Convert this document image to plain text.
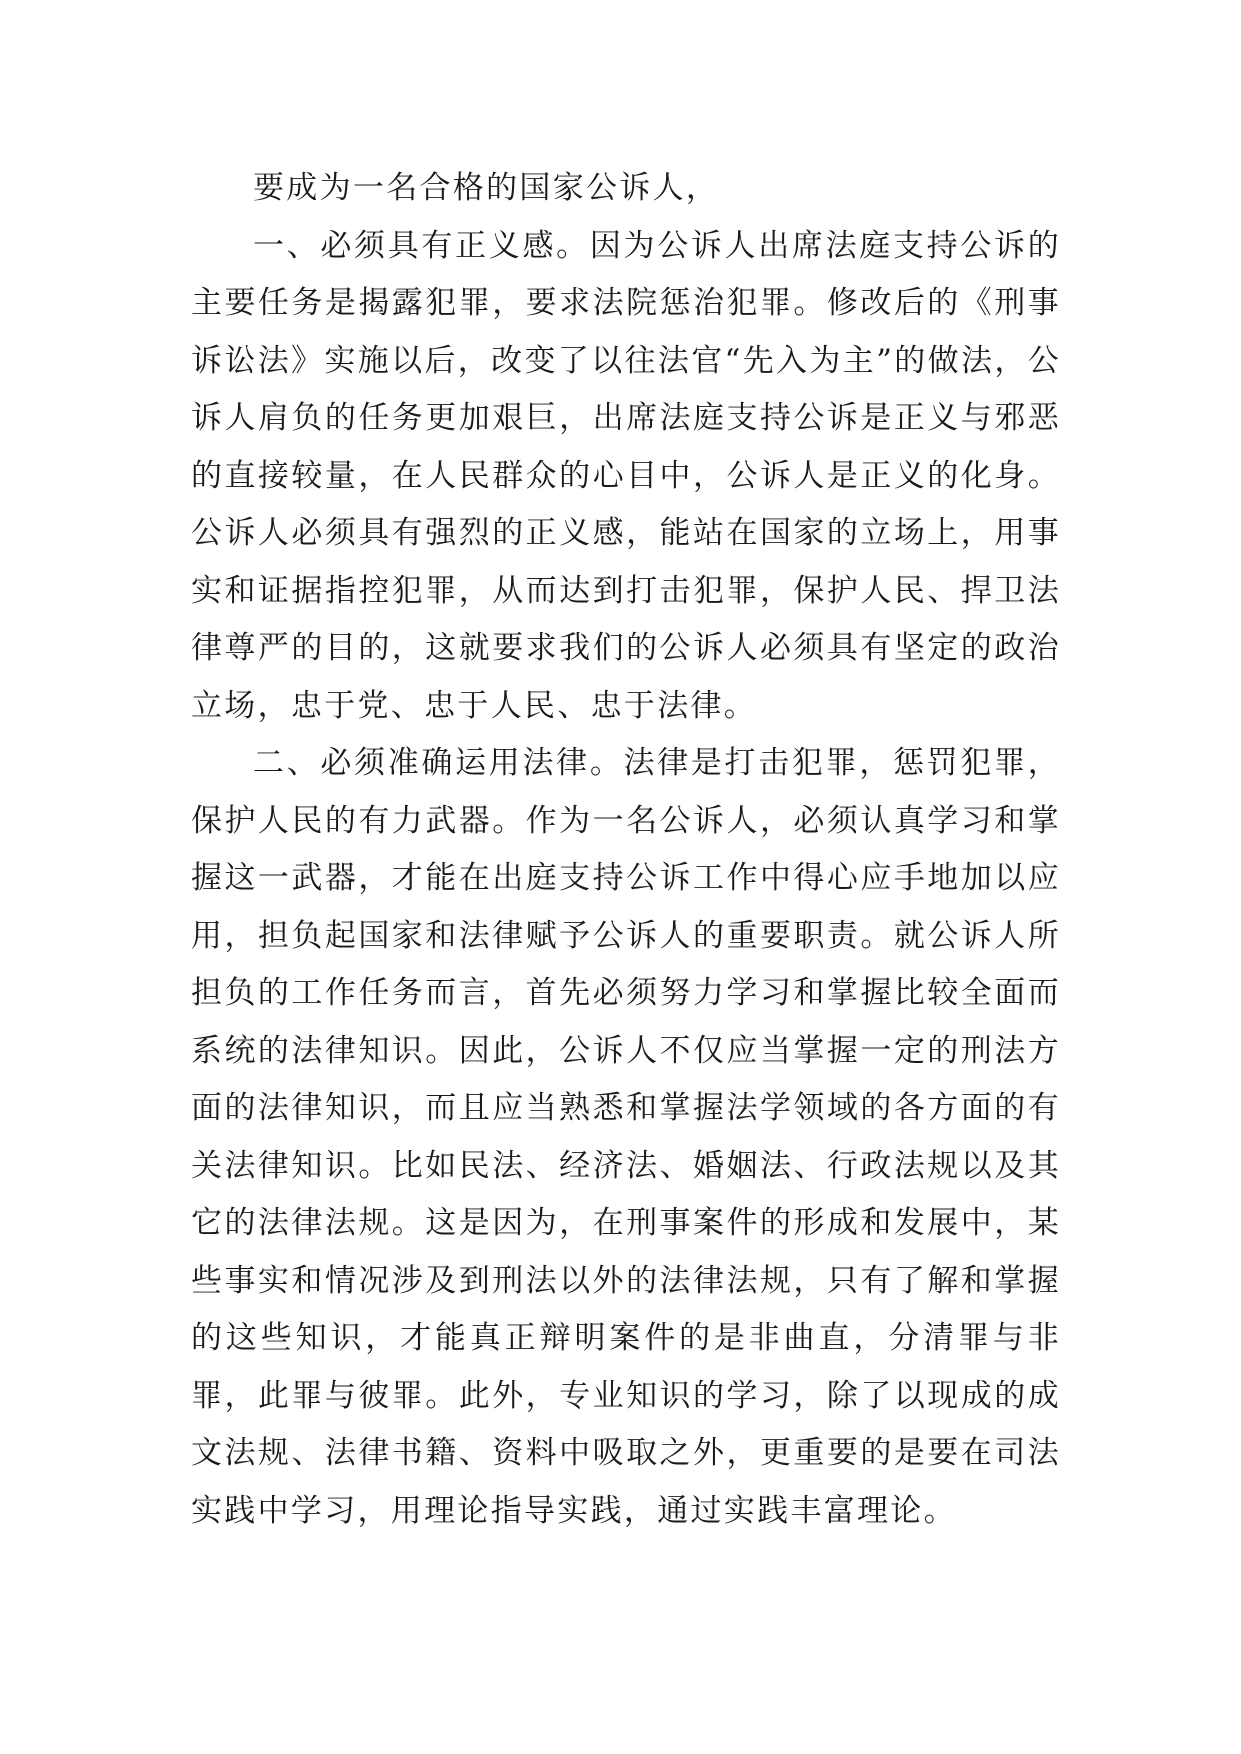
要成为一名合格的国家公诉人，

一、必须具有正义感。因为公诉人出席法庭支持公诉的主要任务是揭露犯罪，要求法院惩治犯罪。修改后的《刑事诉讼法》实施以后，改变了以往法官“先入为主”的做法，公诉人肩负的任务更加艰巨，出席法庭支持公诉是正义与邪恶的直接较量，在人民群众的心目中，公诉人是正义的化身。公诉人必须具有强烈的正义感，能站在国家的立场上，用事实和证据指控犯罪，从而达到打击犯罪，保护人民、捍卫法律尊严的目的，这就要求我们的公诉人必须具有坚定的政治立场，忠于党、忠于人民、忠于法律。

二、必须准确运用法律。法律是打击犯罪，惩罚犯罪，保护人民的有力武器。作为一名公诉人，必须认真学习和掌握这一武器，才能在出庭支持公诉工作中得心应手地加以应用，担负起国家和法律赋予公诉人的重要职责。就公诉人所担负的工作任务而言，首先必须努力学习和掌握比较全面而系统的法律知识。因此，公诉人不仅应当掌握一定的刑法方面的法律知识，而且应当熟悉和掌握法学领域的各方面的有关法律知识。比如民法、经济法、婚姻法、行政法规以及其它的法律法规。这是因为，在刑事案件的形成和发展中，某些事实和情况涉及到刑法以外的法律法规，只有了解和掌握的这些知识，才能真正辩明案件的是非曲直，分清罪与非罪，此罪与彼罪。此外，专业知识的学习，除了以现成的成文法规、法律书籍、资料中吸取之外，更重要的是要在司法实践中学习，用理论指导实践，通过实践丰富理论。
